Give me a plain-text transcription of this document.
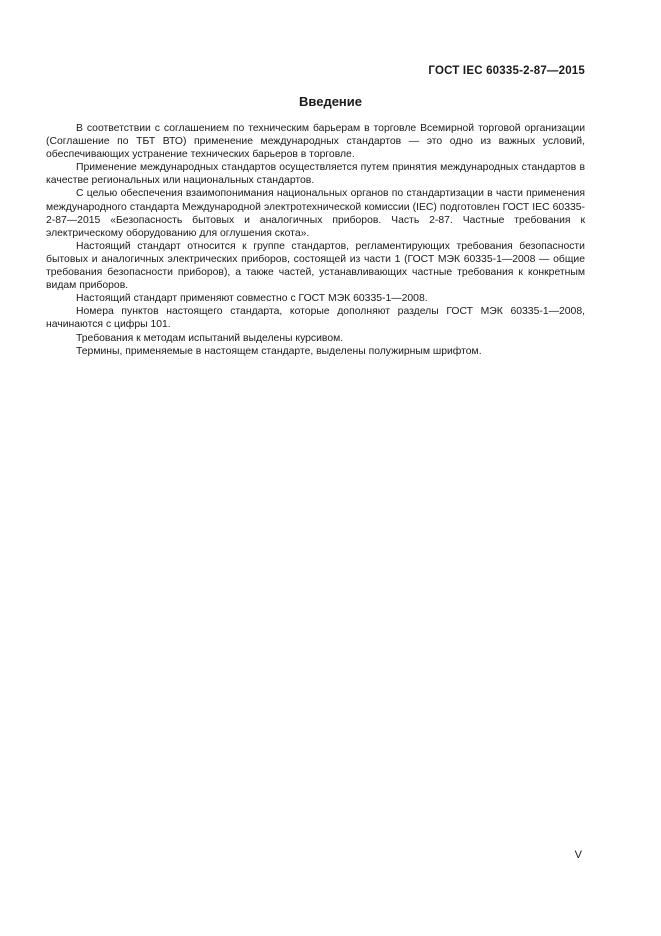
ГОСТ IEC 60335-2-87—2015
Введение

В соответствии с соглашением по техническим барьерам в торговле Всемирной торговой организации (Соглашение по ТБТ ВТО) применение международных стандартов — это одно из важных условий, обеспечивающих устранение технических барьеров в торговле.

Применение международных стандартов осуществляется путем принятия международных стандартов в качестве региональных или национальных стандартов.

С целью обеспечения взаимопонимания национальных органов по стандартизации в части применения международного стандарта Международной электротехнической комиссии (IEC) подготовлен ГОСТ IEC 60335-2-87—2015 «Безопасность бытовых и аналогичных приборов. Часть 2-87. Частные требования к электрическому оборудованию для оглушения скота».

Настоящий стандарт относится к группе стандартов, регламентирующих требования безопасности бытовых и аналогичных электрических приборов, состоящей из части 1 (ГОСТ МЭК 60335-1—2008 — общие требования безопасности приборов), а также частей, устанавливающих частные требования к конкретным видам приборов.

Настоящий стандарт применяют совместно с ГОСТ МЭК 60335-1—2008.

Номера пунктов настоящего стандарта, которые дополняют разделы ГОСТ МЭК 60335-1—2008, начинаются с цифры 101.

Требования к методам испытаний выделены курсивом.

Термины, применяемые в настоящем стандарте, выделены полужирным шрифтом.

V
